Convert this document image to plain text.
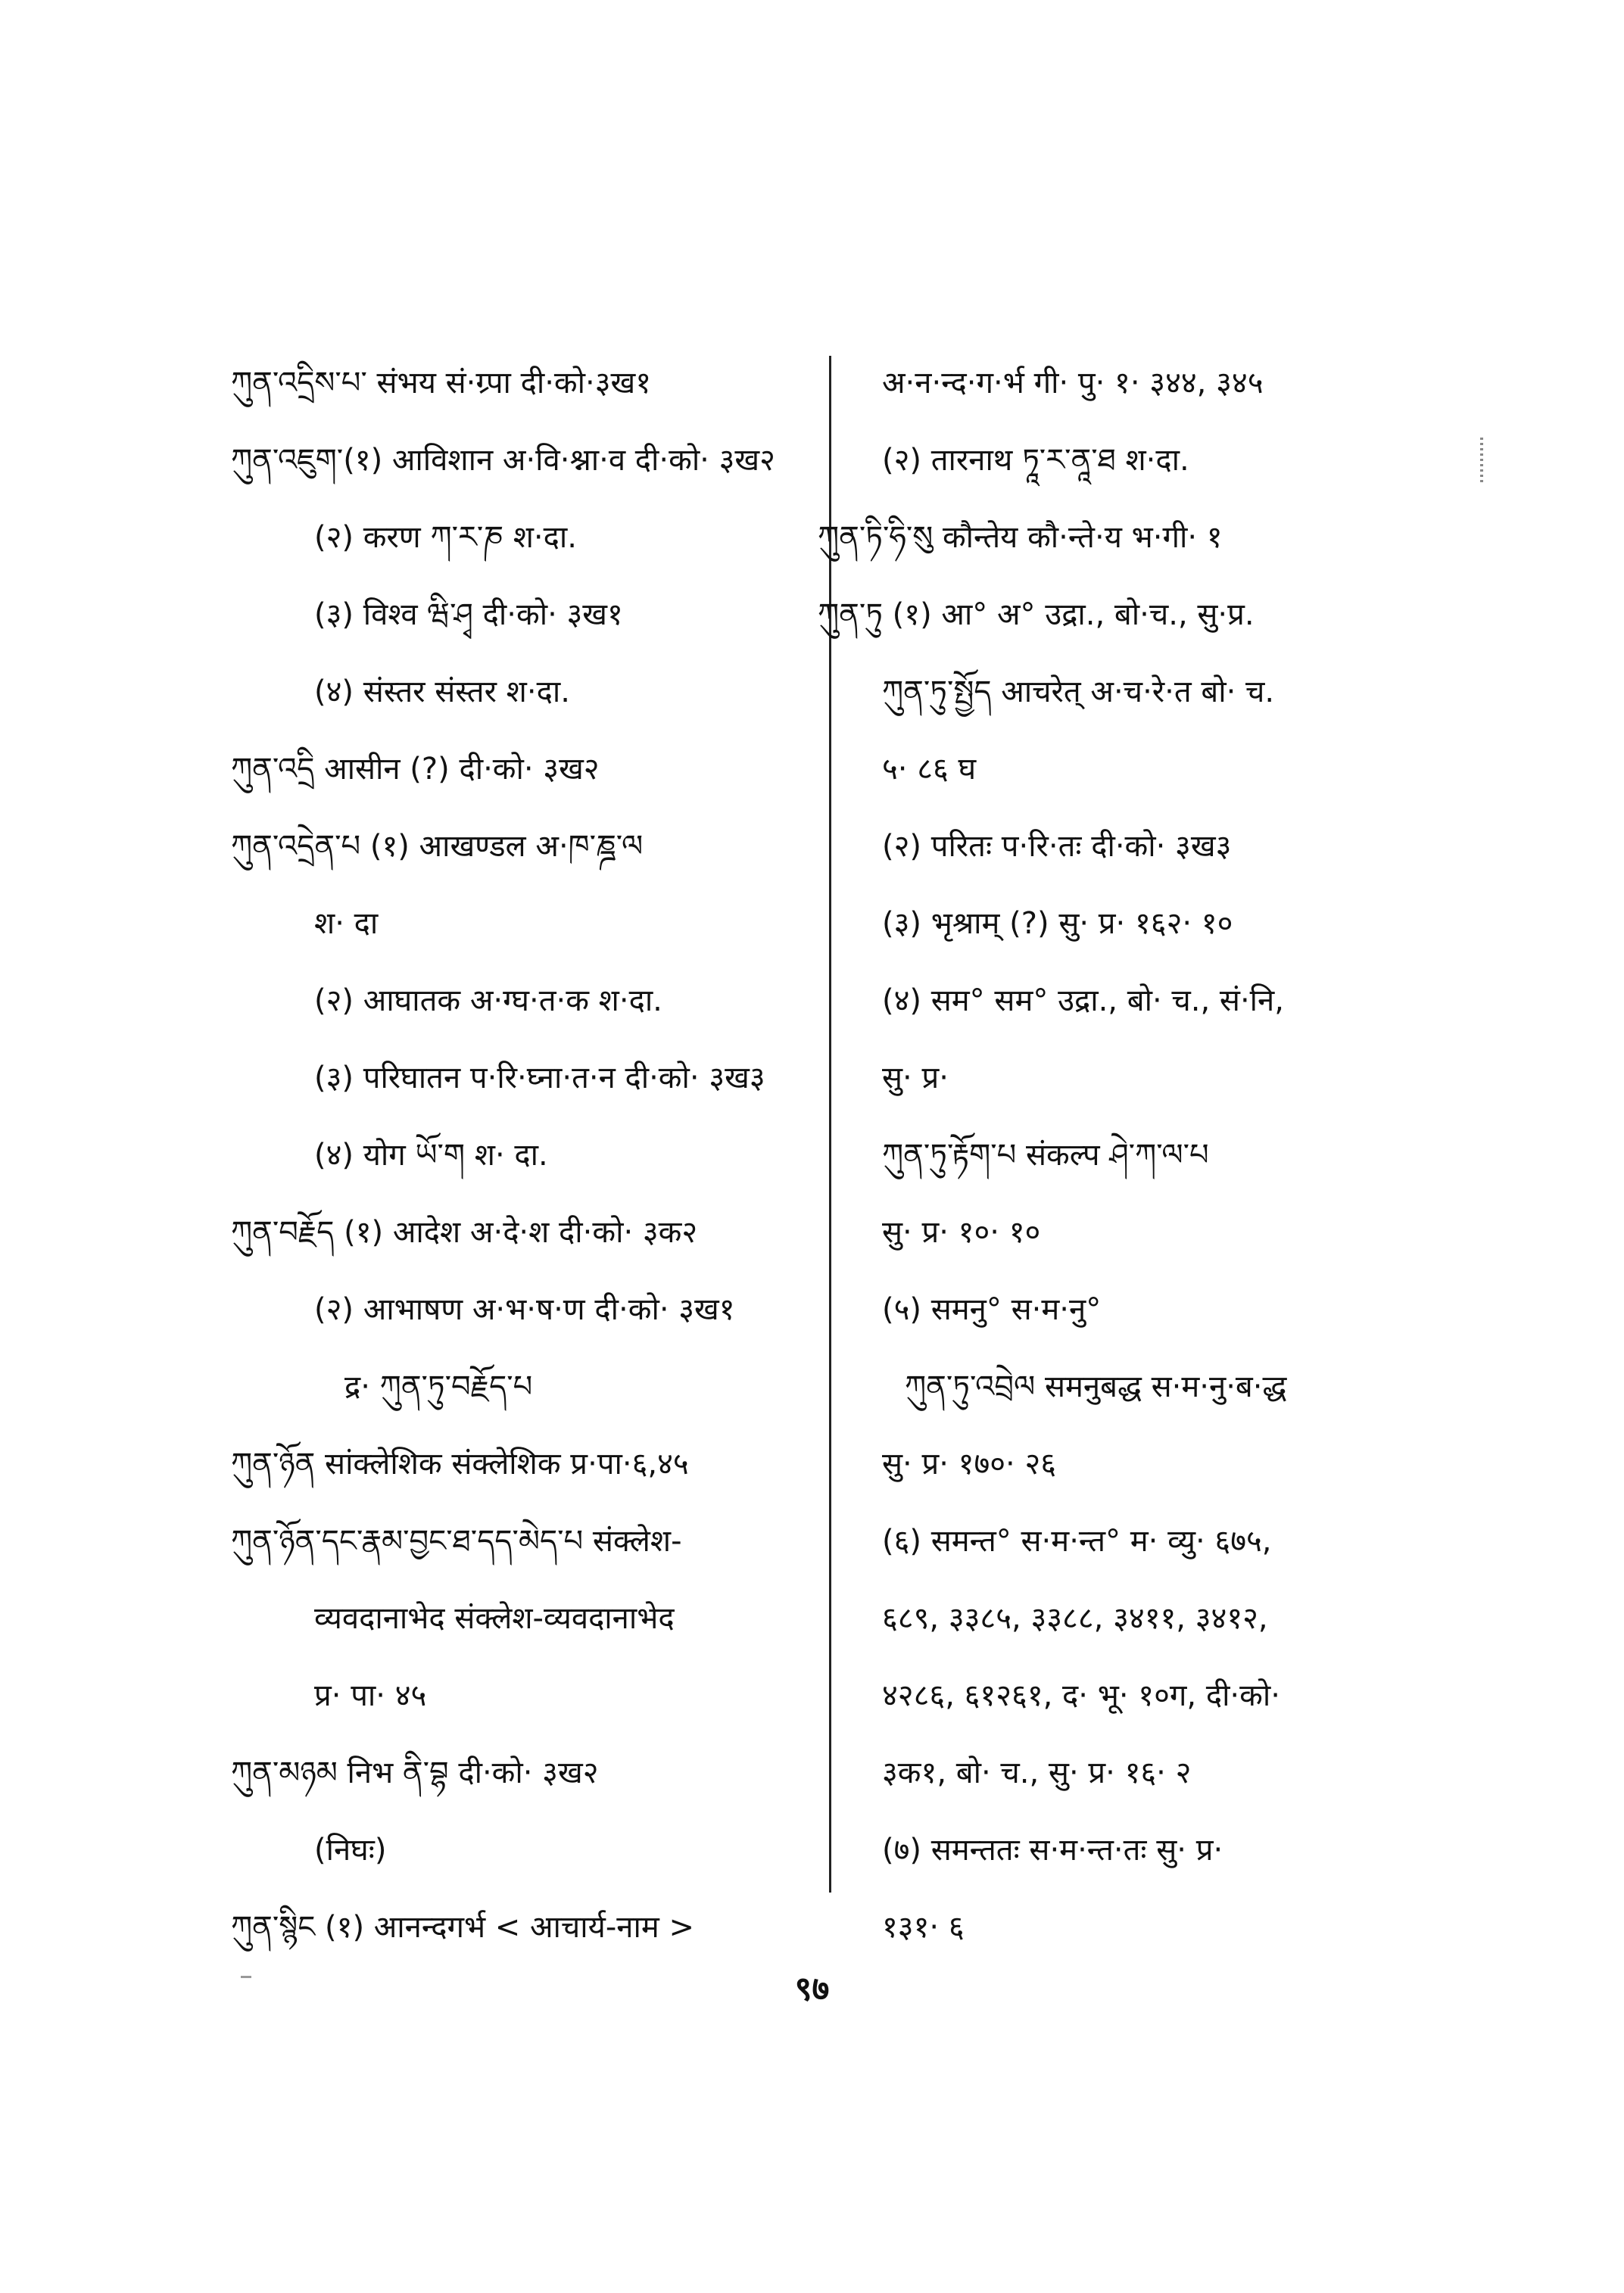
ཀུན་འདྲིས་པ་ संभय सं·ग्र्पा दी·को·३ख१
ཀུན་འཇུག་(१) आविशान अ·वि·श्ना·व दी·को· ३ख२
(२) करण ཀ་ར་ཎ श·दा.
(३) विश्व ཝི་ཤྭ दी·को· ३ख१
(४) संस्तर संस्तर श·दा.
ཀུན་འདྲི आसीन (?) दी·को· ३ख२
ཀུན་འདྲེན་པ (१) आखण्डल अ·ཁ་ཎྜ་ལ
श· दा
(२) आघातक अ·ग्घ·त·क श·दा.
(३) परिघातन प·रि·घ्ना·त·न दी·को· ३ख३
(४) योग ཡོ་ག श· दा.
ཀུན་བརྗོད (१) आदेश अ·दे·श दी·को· ३क२
(२) आभाषण अ·भ·ष·ण दी·को· ३ख१
द्र· ཀུན་ཏུ་བརྗོད་པ
ཀུན་ཉོན सांक्लेशिक संक्लेशिक प्र·पा·६,४५
ཀུན་ཉོན་དང་རྣམ་བྱང་ཐ་དད་མེད་པ संक्लेश-
व्यवदानाभेद संक्लेश-व्यवदानाभेद
प्र· पा· ४५
ཀུན་མཉམ निभ ནི་བྷ दी·को· ३ख२
(निघः)
ཀུན་སྙིང (१) आनन्दगर्भ < आचार्य-नाम >
अ·न·न्द·ग·र्भ गी· पु· १· ३४४, ३४५
(२) तारनाथ ཏཱ་ར་ནཱ་ཐ श·दा.
ཀུན་ཏི་ཧི་སུ कौन्तेय कौ·न्ते·य भ·गी· १
ཀུན་ཏུ (१) आ° अ° उद्रा., बो·च., सु·प्र.
ཀུན་ཏུ་སྤྱོད आचरेत् अ·च·रे·त बो· च.
५· ८६ घ
(२) परितः प·रि·तः दी·को· ३ख३
(३) भृश्राम् (?) सु· प्र· १६२· १०
(४) सम° सम° उद्रा., बो· च., सं·नि,
सु· प्र·
ཀུན་ཏུ་རྟོག་པ संकल्प ཤེ་ཀ་ལ་པ
सु· प्र· १०· १०
(५) समनु° स·म·नु°
ཀུན་ཏུ་འབྲེལ समनुबद्ध स·म·नु·ब·द्ध
सु· प्र· १७०· २६
(६) समन्त° स·म·न्त° म· व्यु· ६७५,
६८९, ३३८५, ३३८८, ३४११, ३४१२,
४२८६, ६१२६१, द· भू· १०ग, दी·को·
३क१, बो· च., सु· प्र· १६· २
(७) समन्ततः स·म·न्त·तः सु· प्र·
१३१· ६
९७
